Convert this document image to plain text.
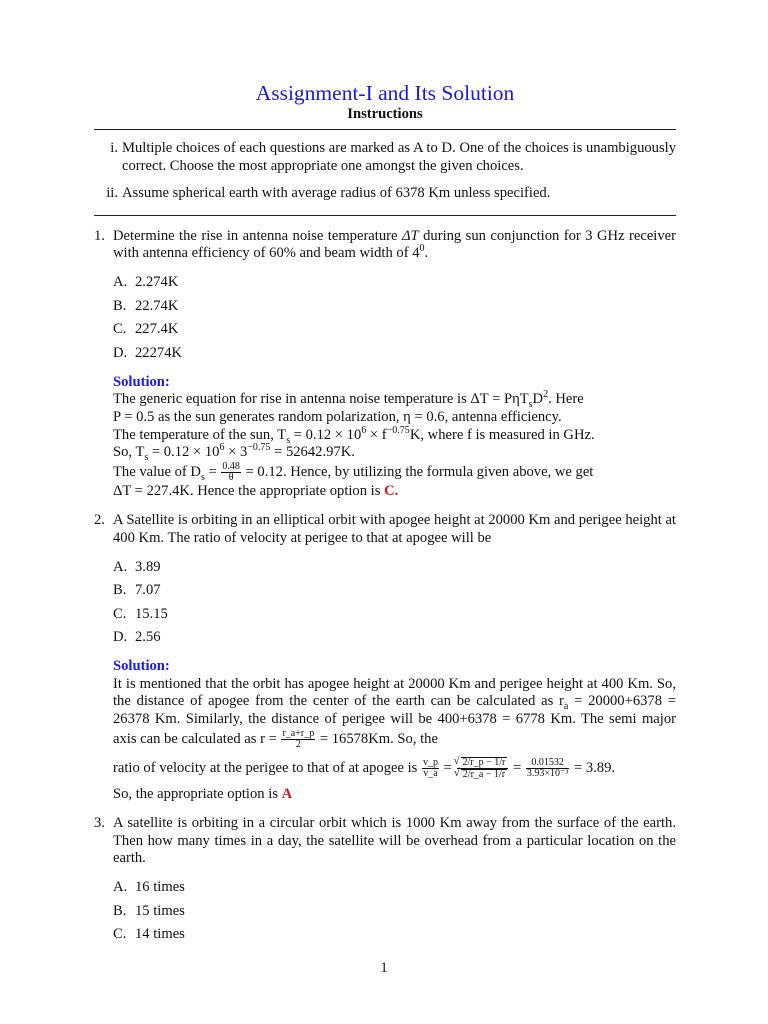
Assignment-I and Its Solution
Instructions
i. Multiple choices of each questions are marked as A to D. One of the choices is unambiguously correct. Choose the most appropriate one amongst the given choices.
ii. Assume spherical earth with average radius of 6378 Km unless specified.
1. Determine the rise in antenna noise temperature ΔT during sun conjunction for 3 GHz receiver with antenna efficiency of 60% and beam width of $4^0$.
A. 2.274K
B. 22.74K
C. 227.4K
D. 22274K
Solution:
The generic equation for rise in antenna noise temperature is $\Delta T = P\eta T_sD^2$. Here
P = 0.5 as the sun generates random polarization, η = 0.6, antenna efficiency.
The temperature of the sun, $T_s = 0.12 \times 10^6 \times f^{-0.75}K$, where f is measured in GHz.
So, $T_s = 0.12 \times 10^6 \times 3^{-0.75} = 52642.97K$.
The value of $D_s = \frac{0.48}{\theta} = 0.12$. Hence, by utilizing the formula given above, we get
ΔT = 227.4K. Hence the appropriate option is C.
2. A Satellite is orbiting in an elliptical orbit with apogee height at 20000 Km and perigee height at 400 Km. The ratio of velocity at perigee to that at apogee will be
A. 3.89
B. 7.07
C. 15.15
D. 2.56
Solution:
It is mentioned that the orbit has apogee height at 20000 Km and perigee height at 400 Km. So, the distance of apogee from the center of the earth can be calculated as $r_a = 20000+6378 = 26378$ Km. Similarly, the distance of perigee will be 400+6378 = 6778 Km. The semi major axis can be calculated as $r = \frac{r\_a+r\_p}{2} = 16578Km$. So, the
ratio of velocity at the perigee to that of at apogee is $\frac{v\_p}{v\_a}$ =
√ 2/r_p − 1/r
√ 2/r_a − $1/r = \frac{0.01532}{\text{3.93×10⁻³}} = 3.89$.
So, the appropriate option is A
3. A satellite is orbiting in a circular orbit which is 1000 Km away from the surface of the earth. Then how many times in a day, the satellite will be overhead from a particular location on the earth.
A. 16 times
B. 15 times
C. 14 times
1
